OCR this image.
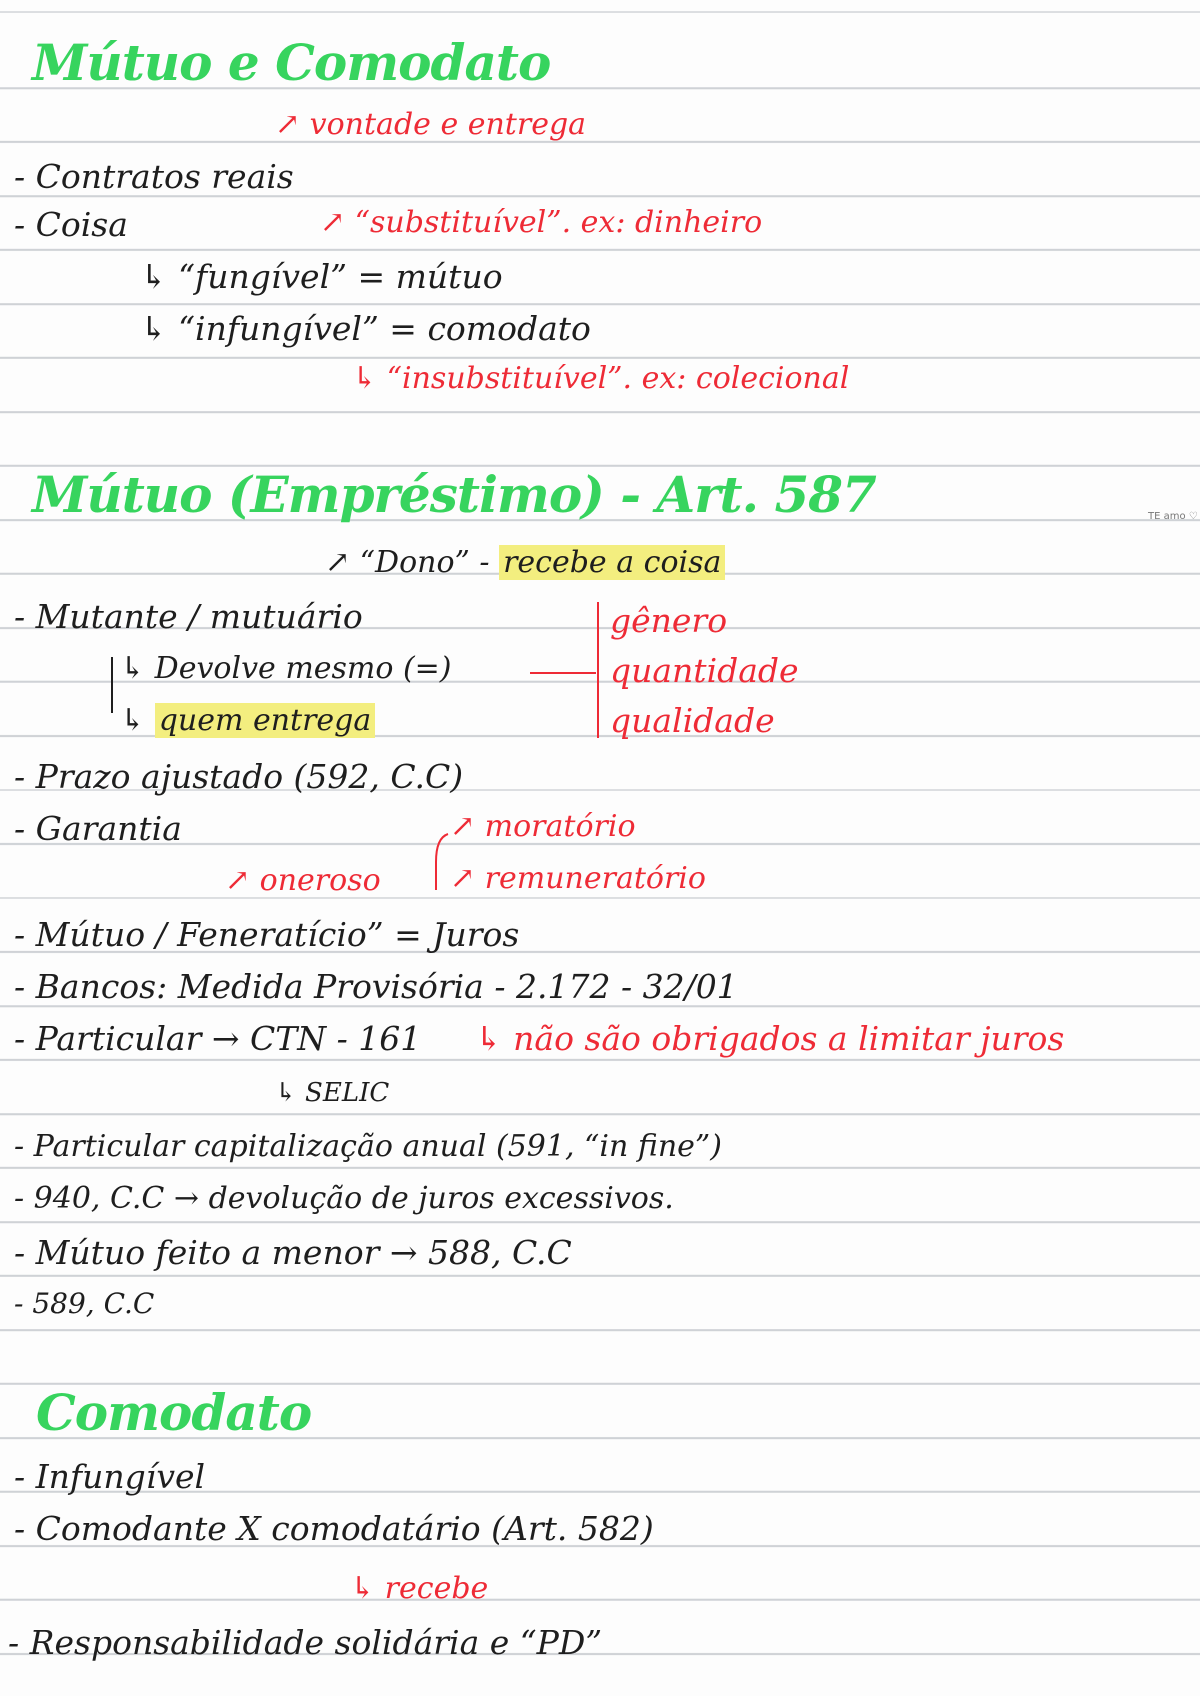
Mútuo e Comodato
↗ vontade e entrega
- Contratos reais
- Coisa	↗ “substituível”. ex: dinheiro
↳ “fungível” = mútuo
↳ “infungível” = comodato
↳ “insubstituível”. ex: colecional
Mútuo (Empréstimo) - Art. 587	TE amo ♡
↗ “Dono” - recebe a coisa
- Mutante / mutuário
↳ Devolve mesmo (=)
gênero
quantidade
qualidade
↳ quem entrega
- Prazo ajustado (592, C.C)
- Garantia	↗ moratório
↗ oneroso ↗ remuneratório
- Mútuo / Feneratício” = Juros
- Bancos: Medida Provisória - 2.172 - 32/01
- Particular → CTN - 161 ↳ não são obrigados a limitar juros
↳ SELIC
- Particular capitalização anual (591, “in fine”)
- 940, C.C → devolução de juros excessivos.
- Mútuo feito a menor → 588, C.C
- 589, C.C
Comodato
- Infungível
- Comodante X comodatário (Art. 582)
↳ recebe
- Responsabilidade solidária e “PD”
